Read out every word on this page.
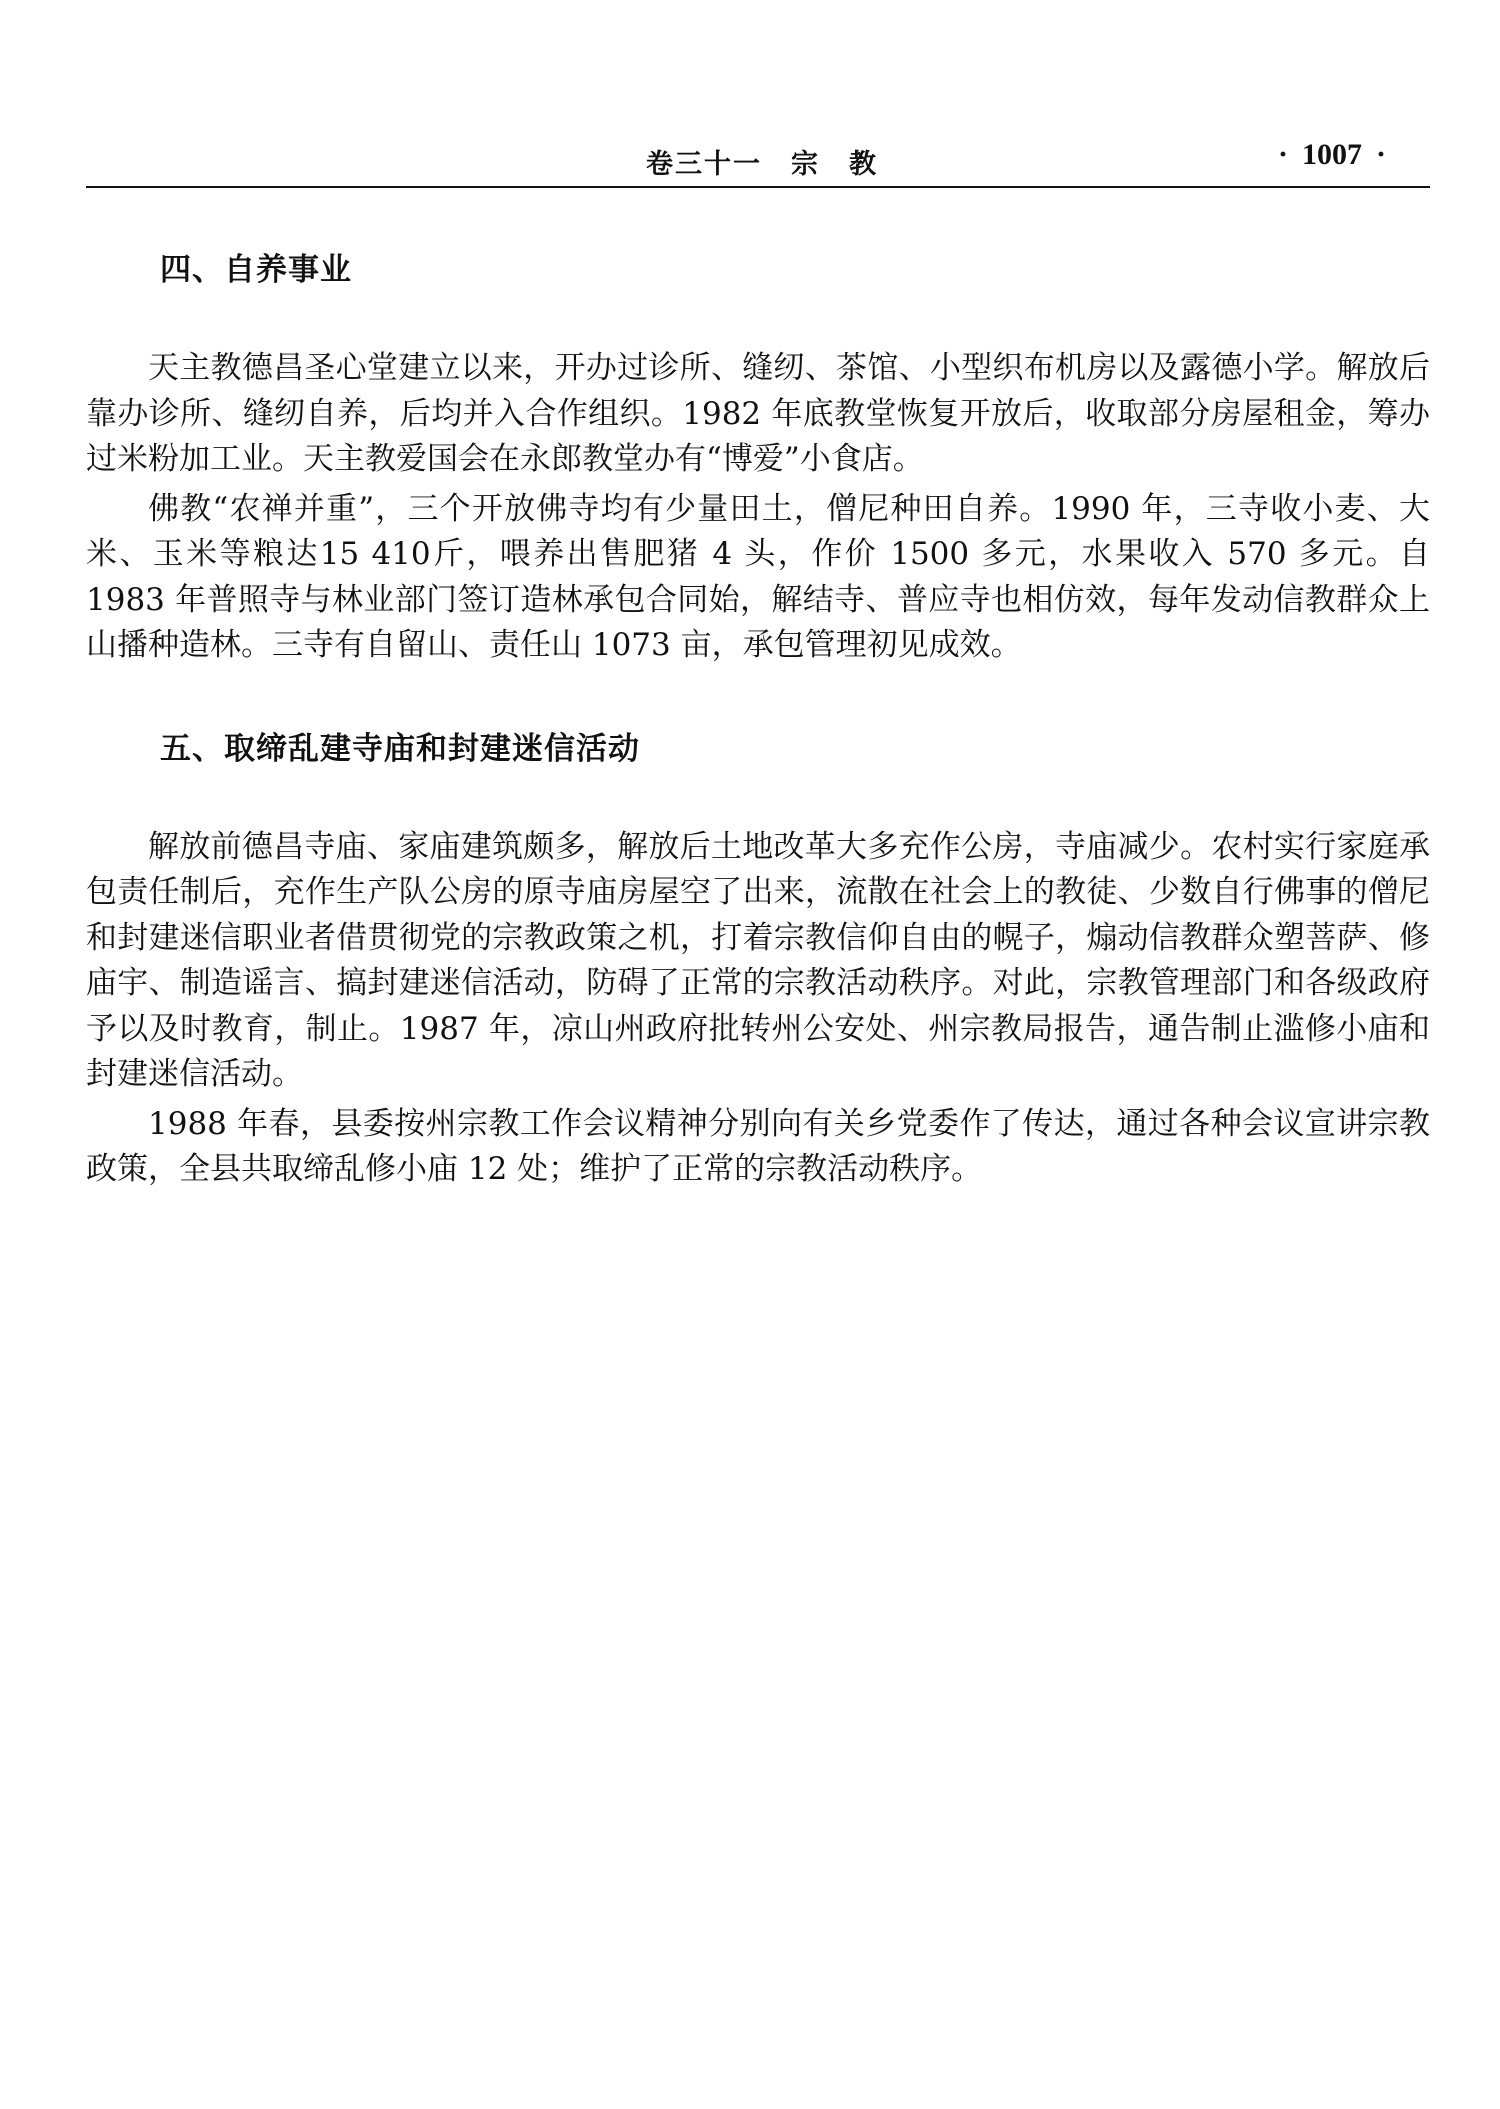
卷三十一　宗　教	· 1007 ·
四、自养事业

天主教德昌圣心堂建立以来，开办过诊所、缝纫、茶馆、小型织布机房以及露德小学。解放后靠办诊所、缝纫自养，后均并入合作组织。1982 年底教堂恢复开放后，收取部分房屋租金，筹办过米粉加工业。天主教爱国会在永郎教堂办有“博爱”小食店。

佛教“农禅并重”，三个开放佛寺均有少量田土，僧尼种田自养。1990 年，三寺收小麦、大米、玉米等粮达15 410斤，喂养出售肥猪 4 头，作价 1500 多元，水果收入 570 多元。自 1983 年普照寺与林业部门签订造林承包合同始，解结寺、普应寺也相仿效，每年发动信教群众上山播种造林。三寺有自留山、责任山 1073 亩，承包管理初见成效。

五、取缔乱建寺庙和封建迷信活动

解放前德昌寺庙、家庙建筑颇多，解放后土地改革大多充作公房，寺庙减少。农村实行家庭承包责任制后，充作生产队公房的原寺庙房屋空了出来，流散在社会上的教徒、少数自行佛事的僧尼和封建迷信职业者借贯彻党的宗教政策之机，打着宗教信仰自由的幌子，煽动信教群众塑菩萨、修庙宇、制造谣言、搞封建迷信活动，防碍了正常的宗教活动秩序。对此，宗教管理部门和各级政府予以及时教育，制止。1987 年，凉山州政府批转州公安处、州宗教局报告，通告制止滥修小庙和封建迷信活动。

1988 年春，县委按州宗教工作会议精神分别向有关乡党委作了传达，通过各种会议宣讲宗教政策，全县共取缔乱修小庙 12 处；维护了正常的宗教活动秩序。
